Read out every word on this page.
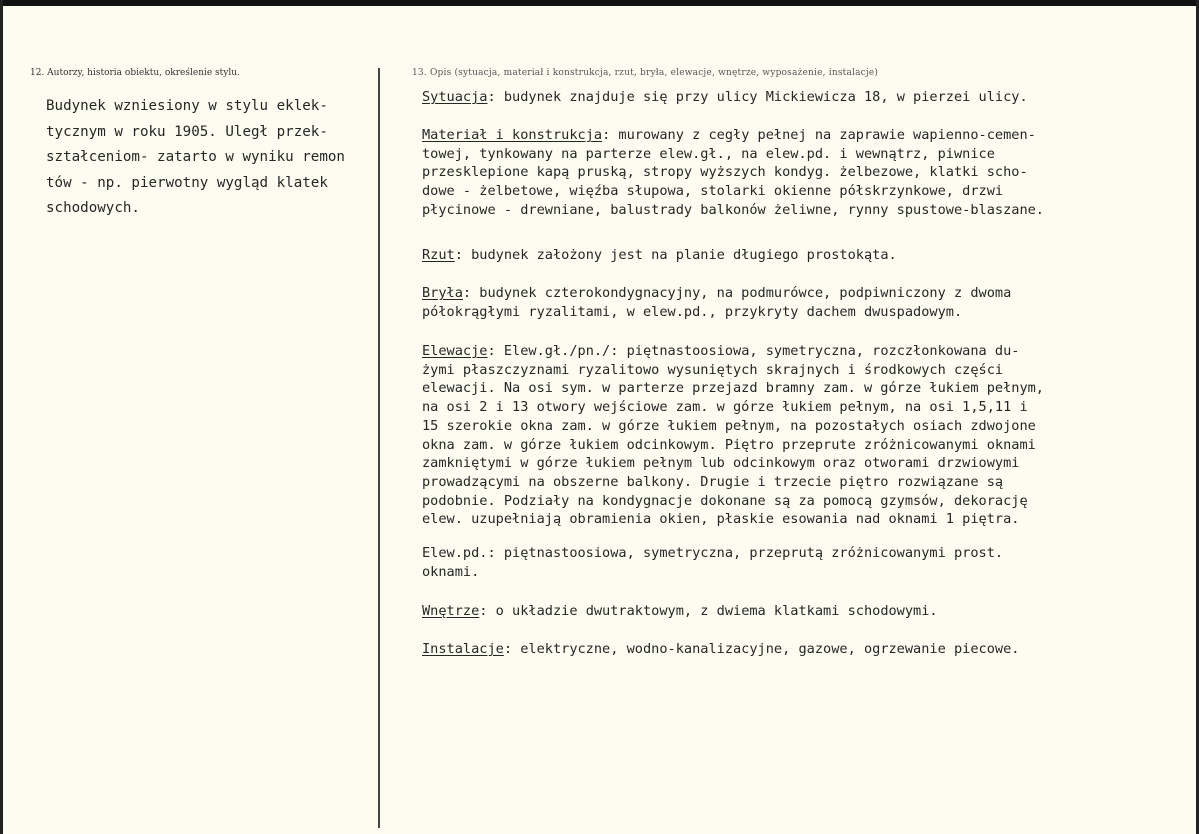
12. Autorzy, historia obiektu, określenie stylu.	13. Opis (sytuacja, materiał i konstrukcja, rzut, bryła, elewacje, wnętrze, wyposażenie, instalacje)
Budynek wzniesiony w stylu eklek-
tycznym w roku 1905. Uległ przek-
ształceniom- zatarto w wyniku remon
tów - np. pierwotny wygląd klatek
schodowych.
Sytuacja: budynek znajduje się przy ulicy Mickiewicza 18, w pierzei ulicy.
Materiał i konstrukcja: murowany z cegły pełnej na zaprawie wapienno-cemen-
towej, tynkowany na parterze elew.gł., na elew.pd. i wewnątrz, piwnice
przesklepione kapą pruską, stropy wyższych kondyg. żelbezowe, klatki scho-
dowe - żelbetowe, więźba słupowa, stolarki okienne półskrzynkowe, drzwi
płycinowe - drewniane, balustrady balkonów żeliwne, rynny spustowe-blaszane.
Rzut: budynek założony jest na planie długiego prostokąta.
Bryła: budynek czterokondygnacyjny, na podmurówce, podpiwniczony z dwoma
półokrągłymi ryzalitami, w elew.pd., przykryty dachem dwuspadowym.
Elewacje: Elew.gł./pn./: piętnastoosiowa, symetryczna, rozczłonkowana du-
żymi płaszczyznami ryzalitowo wysuniętych skrajnych i środkowych części
elewacji. Na osi sym. w parterze przejazd bramny zam. w górze łukiem pełnym,
na osi 2 i 13 otwory wejściowe zam. w górze łukiem pełnym, na osi 1,5,11 i
15 szerokie okna zam. w górze łukiem pełnym, na pozostałych osiach zdwojone
okna zam. w górze łukiem odcinkowym. Piętro przeprute zróżnicowanymi oknami
zamkniętymi w górze łukiem pełnym lub odcinkowym oraz otworami drzwiowymi
prowadzącymi na obszerne balkony. Drugie i trzecie piętro rozwiązane są
podobnie. Podziały na kondygnacje dokonane są za pomocą gzymsów, dekorację
elew. uzupełniają obramienia okien, płaskie esowania nad oknami 1 piętra.
Elew.pd.: piętnastoosiowa, symetryczna, przeprutą zróżnicowanymi prost.
oknami.
Wnętrze: o układzie dwutraktowym, z dwiema klatkami schodowymi.
Instalacje: elektryczne, wodno-kanalizacyjne, gazowe, ogrzewanie piecowe.
